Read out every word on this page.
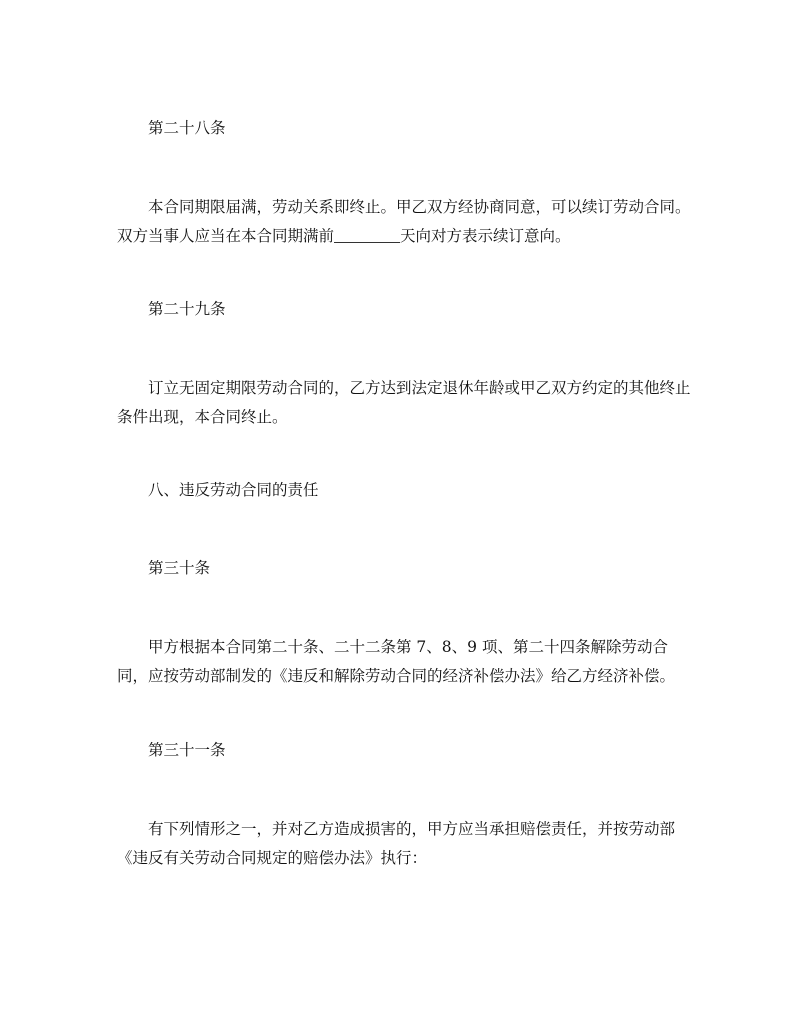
第二十八条

本合同期限届满，劳动关系即终止。甲乙双方经协商同意，可以续订劳动合同。双方当事人应当在本合同期满前	天向对方表示续订意向。

第二十九条

订立无固定期限劳动合同的，乙方达到法定退休年龄或甲乙双方约定的其他终止条件出现，本合同终止。

八、违反劳动合同的责任
第三十条

甲方根据本合同第二十条、二十二条第 7、8、9 项、第二十四条解除劳动合同，应按劳动部制发的《违反和解除劳动合同的经济补偿办法》给乙方经济补偿。

第三十一条

有下列情形之一，并对乙方造成损害的，甲方应当承担赔偿责任，并按劳动部《违反有关劳动合同规定的赔偿办法》执行：
